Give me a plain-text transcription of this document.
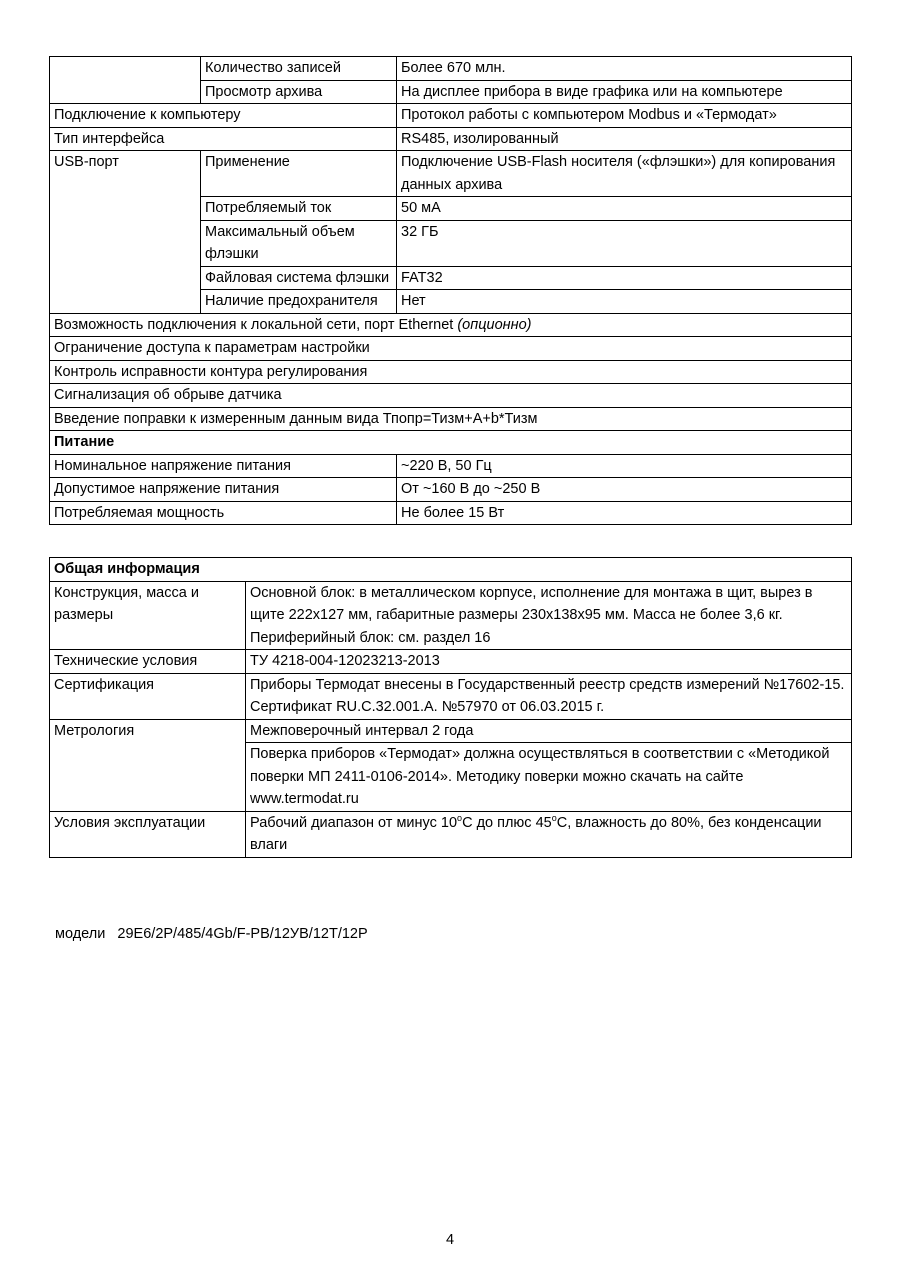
	Количество записей	Более 670 млн.
	Просмотр архива	На дисплее прибора в виде графика или на компьютере
Подключение к компьютеру		Протокол работы с компьютером Modbus и «Термодат»
Тип интерфейса		RS485, изолированный
USB-порт	Применение	Подключение USB-Flash носителя («флэшки») для копирования данных архива
	Потребляемый ток	50 мА
	Максимальный объем флэшки	32 ГБ
	Файловая система флэшки	FAT32
	Наличие предохранителя	Нет
Возможность подключения к локальной сети, порт Ethernet (опционно)		
Ограничение доступа к параметрам настройки		
Контроль исправности контура регулирования		
Сигнализация об обрыве датчика		
Введение поправки к измеренным данным вида Тпопр=Тизм+A+b*Тизм		
Питание		
Номинальное напряжение питания		~220 В, 50 Гц
Допустимое напряжение питания		От ~160 В до ~250 В
Потребляемая мощность		Не более 15 Вт
Общая информация	
Конструкция, масса и размеры	Основной блок: в металлическом корпусе, исполнение для монтажа в щит, вырез в щите 222х127 мм, габаритные размеры 230х138х95 мм. Масса не более 3,6 кг. Периферийный блок: см. раздел 16
Технические условия	ТУ 4218-004-12023213-2013
Сертификация	Приборы Термодат внесены в Государственный реестр средств измерений №17602-15. Сертификат RU.C.32.001.A. №57970 от 06.03.2015 г.
Метрология	Межповерочный интервал 2 года
	Поверка приборов «Термодат» должна осуществляться в соответствии с «Методикой поверки МП 2411-0106-2014». Методику поверки можно скачать на сайте www.termodat.ru
Условия эксплуатации	Рабочий диапазон от минус 10$^o$С до плюс 45$^o$С, влажность до 80%, без конденсации влаги
модели 29Е6/2Р/485/4Gb/F-PB/12УВ/12Т/12Р
4
